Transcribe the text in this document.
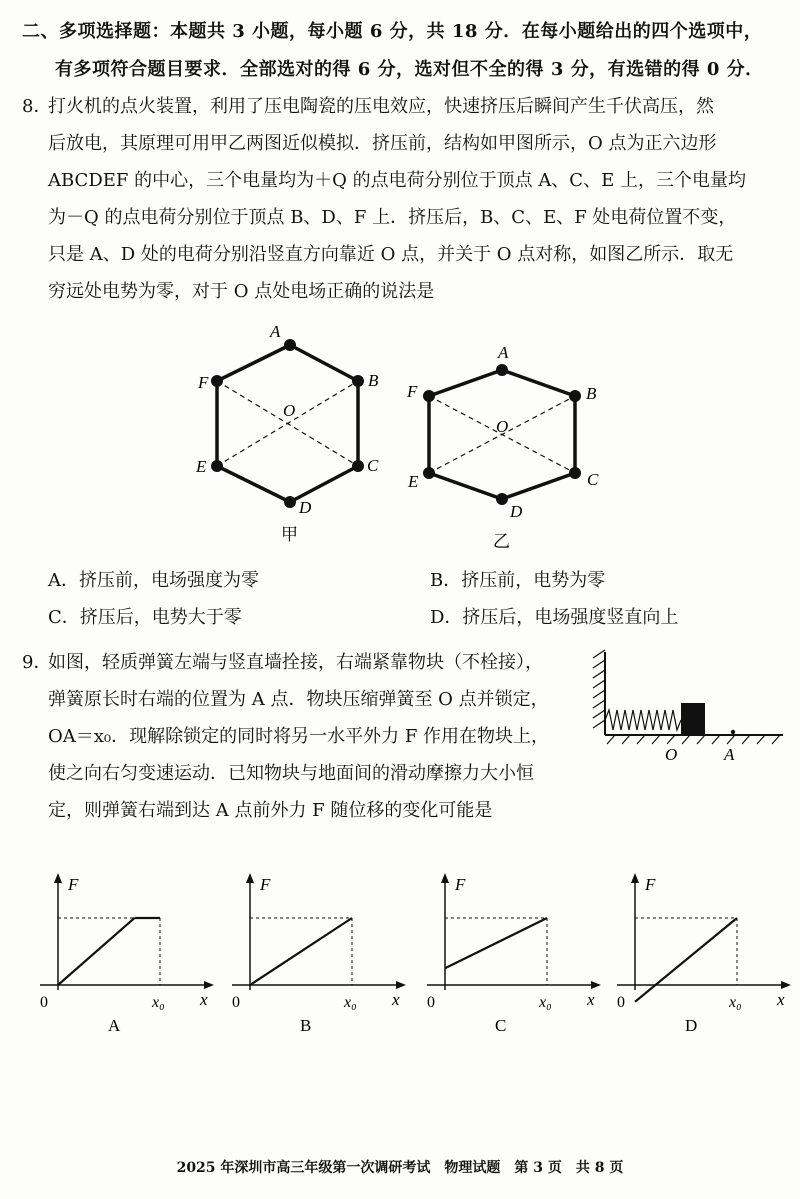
二、多项选择题：本题共 3 小题，每小题 6 分，共 18 分．在每小题给出的四个选项中，
有多项符合题目要求．全部选对的得 6 分，选对但不全的得 3 分，有选错的得 0 分．
8．
打火机的点火装置，利用了压电陶瓷的压电效应，快速挤压后瞬间产生千伏高压，然
后放电，其原理可用甲乙两图近似模拟．挤压前，结构如甲图所示，O 点为正六边形
ABCDEF 的中心，三个电量均为＋Q 的点电荷分别位于顶点 A、C、E 上，三个电量均
为－Q 的点电荷分别位于顶点 B、D、F 上．挤压后，B、C、E、F 处电荷位置不变，
只是 A、D 处的电荷分别沿竖直方向靠近 O 点，并关于 O 点对称，如图乙所示．取无
穷远处电势为零，对于 O 点处电场正确的说法是
A
B
C
D
E
F
O
甲
A
B
C
D
E
F
O
乙
A．挤压前，电场强度为零	B．挤压前，电势为零
C．挤压后，电势大于零	D．挤压后，电场强度竖直向上
9．
如图，轻质弹簧左端与竖直墙拴接，右端紧靠物块（不栓接），
弹簧原长时右端的位置为 A 点．物块压缩弹簧至 O 点并锁定，
OA＝x₀．现解除锁定的同时将另一水平外力 F 作用在物块上，
使之向右匀变速运动．已知物块与地面间的滑动摩擦力大小恒
定，则弹簧右端到达 A 点前外力 F 随位移的变化可能是
O	A
F
x
0	x₀
A
F
x
0	x₀
B
F
x
0	x₀
C
F
x
0	x₀
D
2025 年深圳市高三年级第一次调研考试　物理试题　第 3 页　共 8 页
